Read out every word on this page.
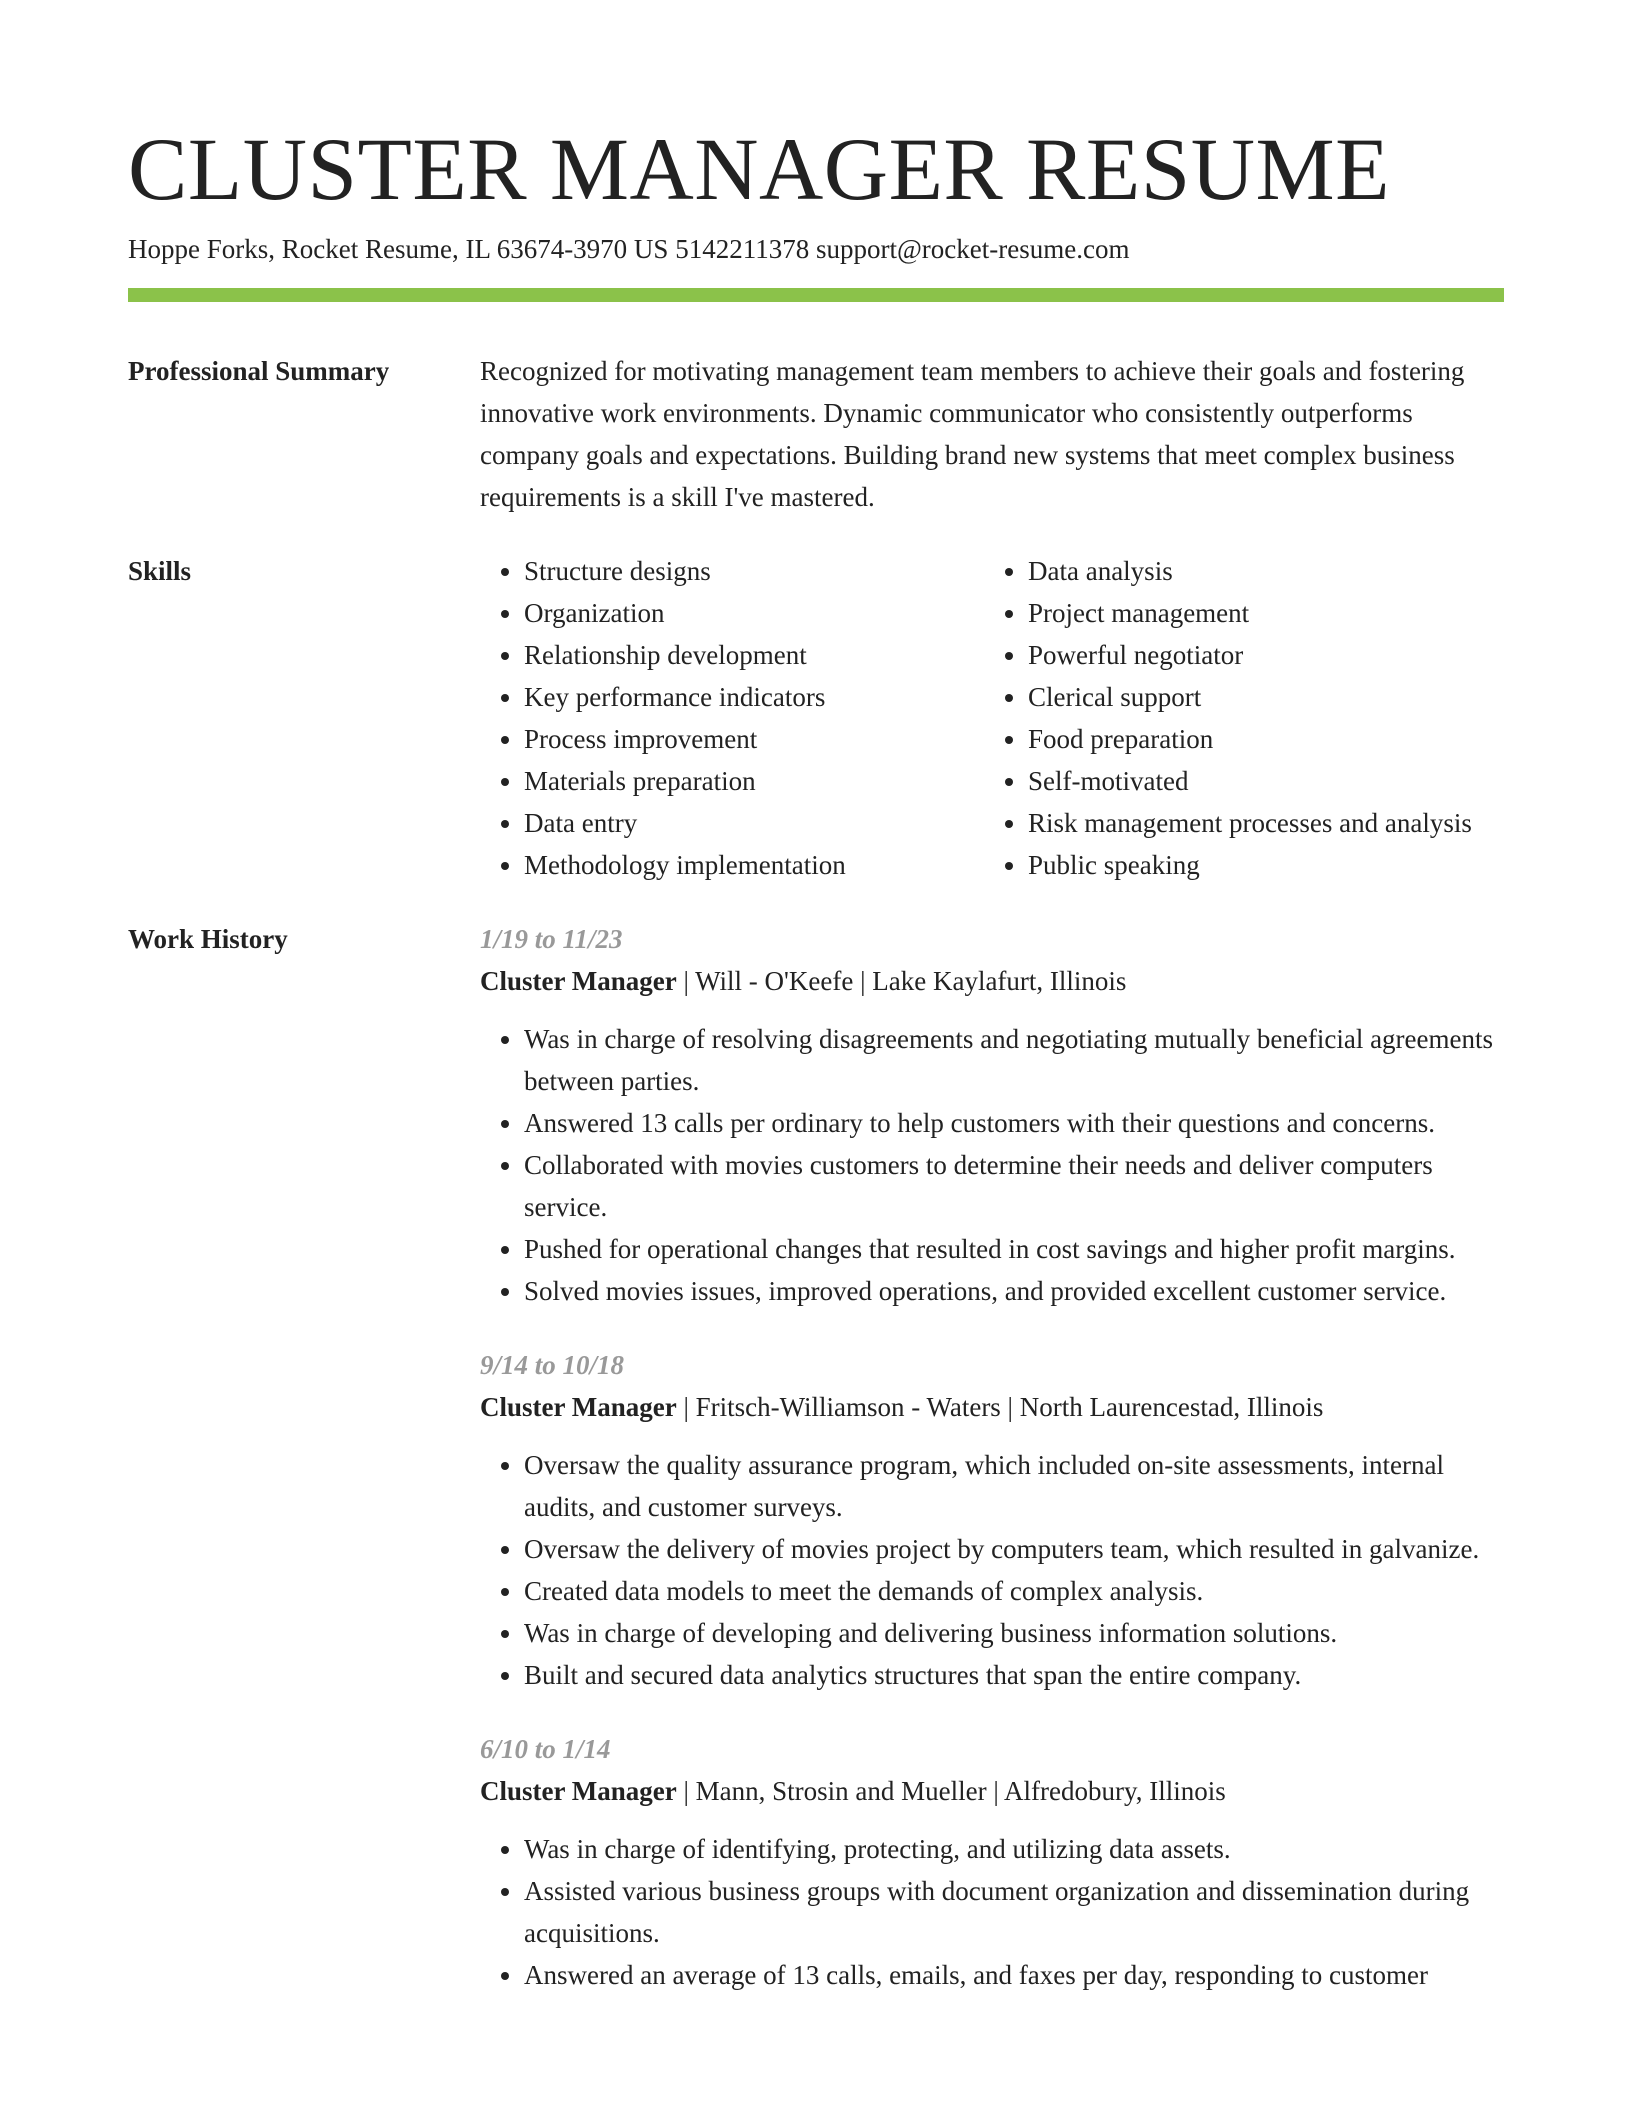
CLUSTER MANAGER RESUME
Hoppe Forks, Rocket Resume, IL 63674-3970 US 5142211378 support@rocket-resume.com
Professional Summary	Recognized for motivating management team members to achieve their goals and fostering innovative work environments. Dynamic communicator who consistently outperforms company goals and expectations. Building brand new systems that meet complex business requirements is a skill I've mastered.
Skills
•	Structure designs
• Organization
• Relationship development
• Key performance indicators
• Process improvement
• Materials preparation
• Data entry
• Methodology implementation
• Data analysis
• Project management
• Powerful negotiator
• Clerical support
• Food preparation
• Self-motivated
• Risk management processes and analysis
• Public speaking
Work History	1/19 to 11/23
Cluster Manager | Will - O'Keefe | Lake Kaylafurt, Illinois
• Was in charge of resolving disagreements and negotiating mutually beneficial agreements between parties.
• Answered 13 calls per ordinary to help customers with their questions and concerns.
• Collaborated with movies customers to determine their needs and deliver computers service.
• Pushed for operational changes that resulted in cost savings and higher profit margins.
• Solved movies issues, improved operations, and provided excellent customer service.
9/14 to 10/18
Cluster Manager | Fritsch-Williamson - Waters | North Laurencestad, Illinois
• Oversaw the quality assurance program, which included on-site assessments, internal audits, and customer surveys.
• Oversaw the delivery of movies project by computers team, which resulted in galvanize.
• Created data models to meet the demands of complex analysis.
• Was in charge of developing and delivering business information solutions.
• Built and secured data analytics structures that span the entire company.
6/10 to 1/14
Cluster Manager | Mann, Strosin and Mueller | Alfredobury, Illinois
• Was in charge of identifying, protecting, and utilizing data assets.
• Assisted various business groups with document organization and dissemination during acquisitions.
• Answered an average of 13 calls, emails, and faxes per day, responding to customer
